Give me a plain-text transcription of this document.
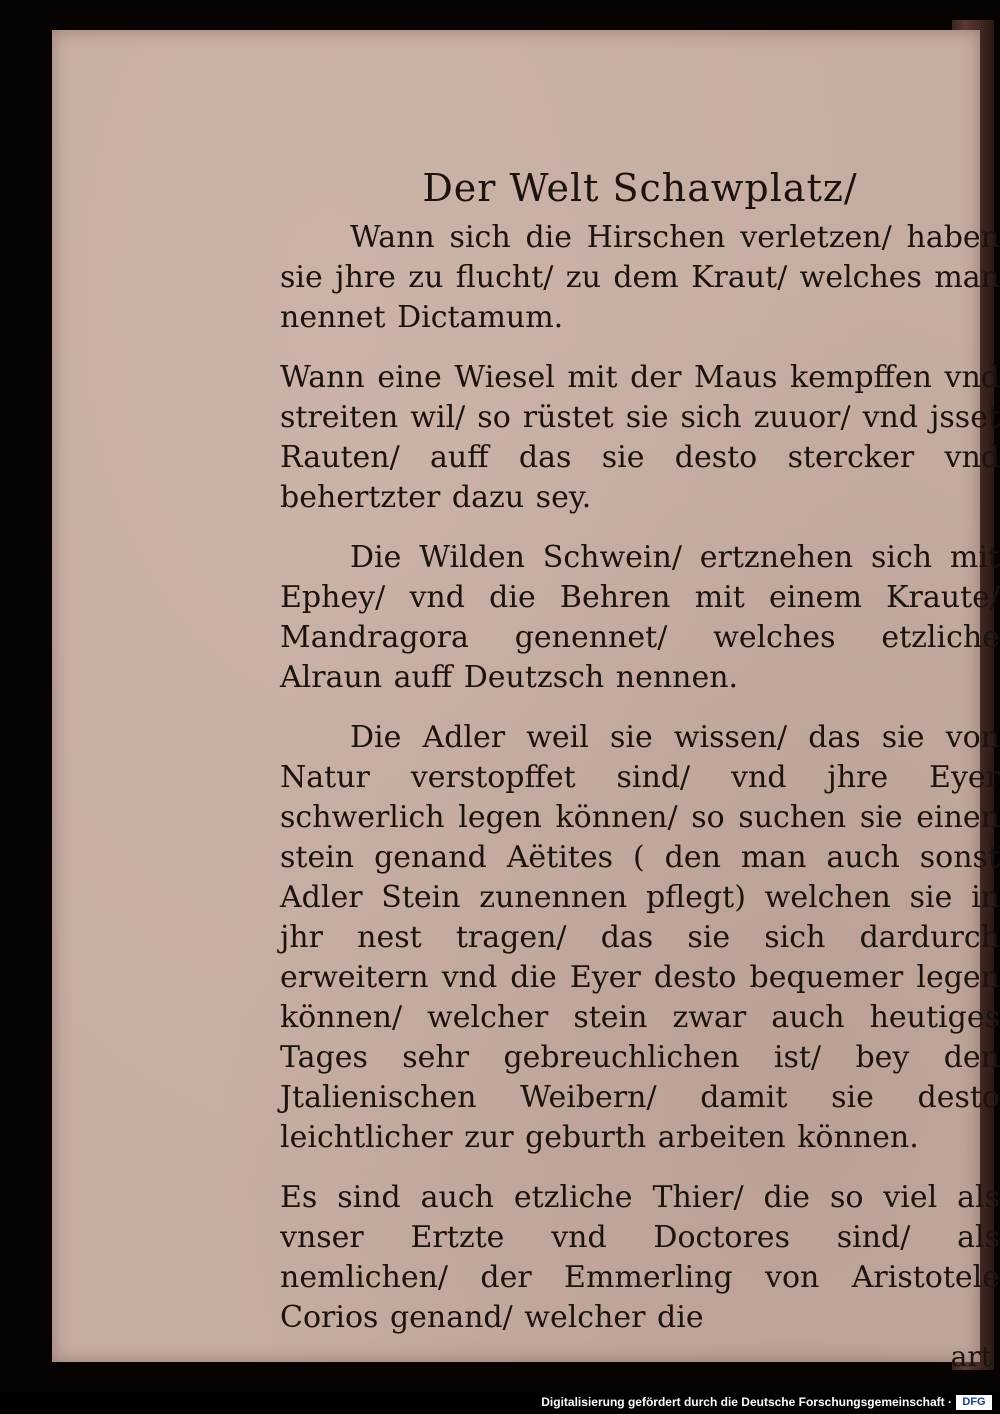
Der Welt Schawplatz/

Wann sich die Hirschen verletzen/ haben sie jhre zu flucht/ zu dem Kraut/ welches man nennet Dictamum.

Wann eine Wiesel mit der Maus kempffen vnd streiten wil/ so rüstet sie sich zuuor/ vnd jsset Rauten/ auff das sie desto stercker vnd behertzter dazu sey.

Die Wilden Schwein/ ertznehen sich mit Ephey/ vnd die Behren mit einem Kraute/ Mandragora genennet/ welches etzliche Alraun auff Deutzsch nennen.

Die Adler weil sie wissen/ das sie von Natur verstopffet sind/ vnd jhre Eyer schwerlich legen können/ so suchen sie einen stein genand Aëtites ( den man auch sonst Adler Stein zunennen pflegt) welchen sie in jhr nest tragen/ das sie sich dardurch erweitern vnd die Eyer desto bequemer legen können/ welcher stein zwar auch heutiges Tages sehr gebreuchlichen ist/ bey den Jtalienischen Weibern/ damit sie desto leichtlicher zur geburth arbeiten können.

Es sind auch etzliche Thier/ die so viel als vnser Ertzte vnd Doctores sind/ als nemlichen/ der Emmerling von Aristotele Corios genand/ welcher die

art

Digitalisierung gefördert durch die Deutsche Forschungsgemeinschaft · DFG
